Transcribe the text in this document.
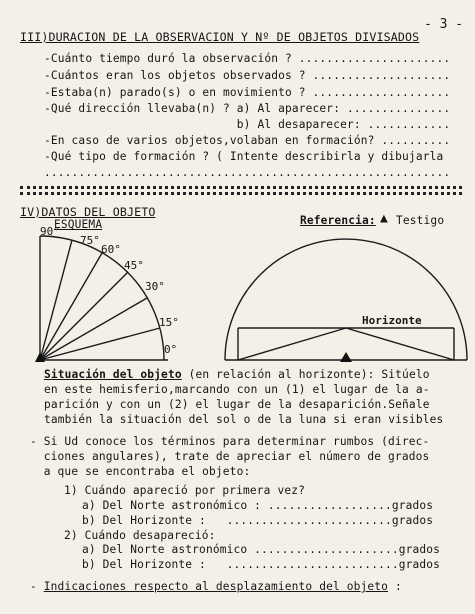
- 3 -
III)DURACION DE LA OBSERVACION Y Nº DE OBJETOS DIVISADOS
-Cuánto tiempo duró la observación ? ......................
-Cuántos eran los objetos observados ? ....................
-Estaba(n) parado(s) o en movimiento ? ....................
-Qué dirección llevaba(n) ? a) Al aparecer: ...............
b) Al desaparecer: ............
-En caso de varios objetos,volaban en formación? ..........
-Qué tipo de formación ? ( Intente describirla y dibujarla
...........................................................
IV)DATOS DEL OBJETO
ESQUEMA	Referencia: ▲ Testigo
90°
75°
60°
45°
30°
15°
0°
Horizonte
Situación del objeto (en relación al horizonte): Sitúelo
en este hemisferio,marcando con un (1) el lugar de la a-
parición y con un (2) el lugar de la desaparición.Señale
también la situación del sol o de la luna si eran visibles
- Si Ud conoce los términos para determinar rumbos (direc-
ciones angulares), trate de apreciar el número de grados
a que se encontraba el objeto:
1) Cuándo apareció por primera vez?
a) Del Norte astronómico : ..................grados
b) Del Horizonte :   ........................grados
2) Cuándo desapareció:
a) Del Norte astronómico .....................grados
b) Del Horizonte :   .........................grados
- Indicaciones respecto al desplazamiento del objeto :
